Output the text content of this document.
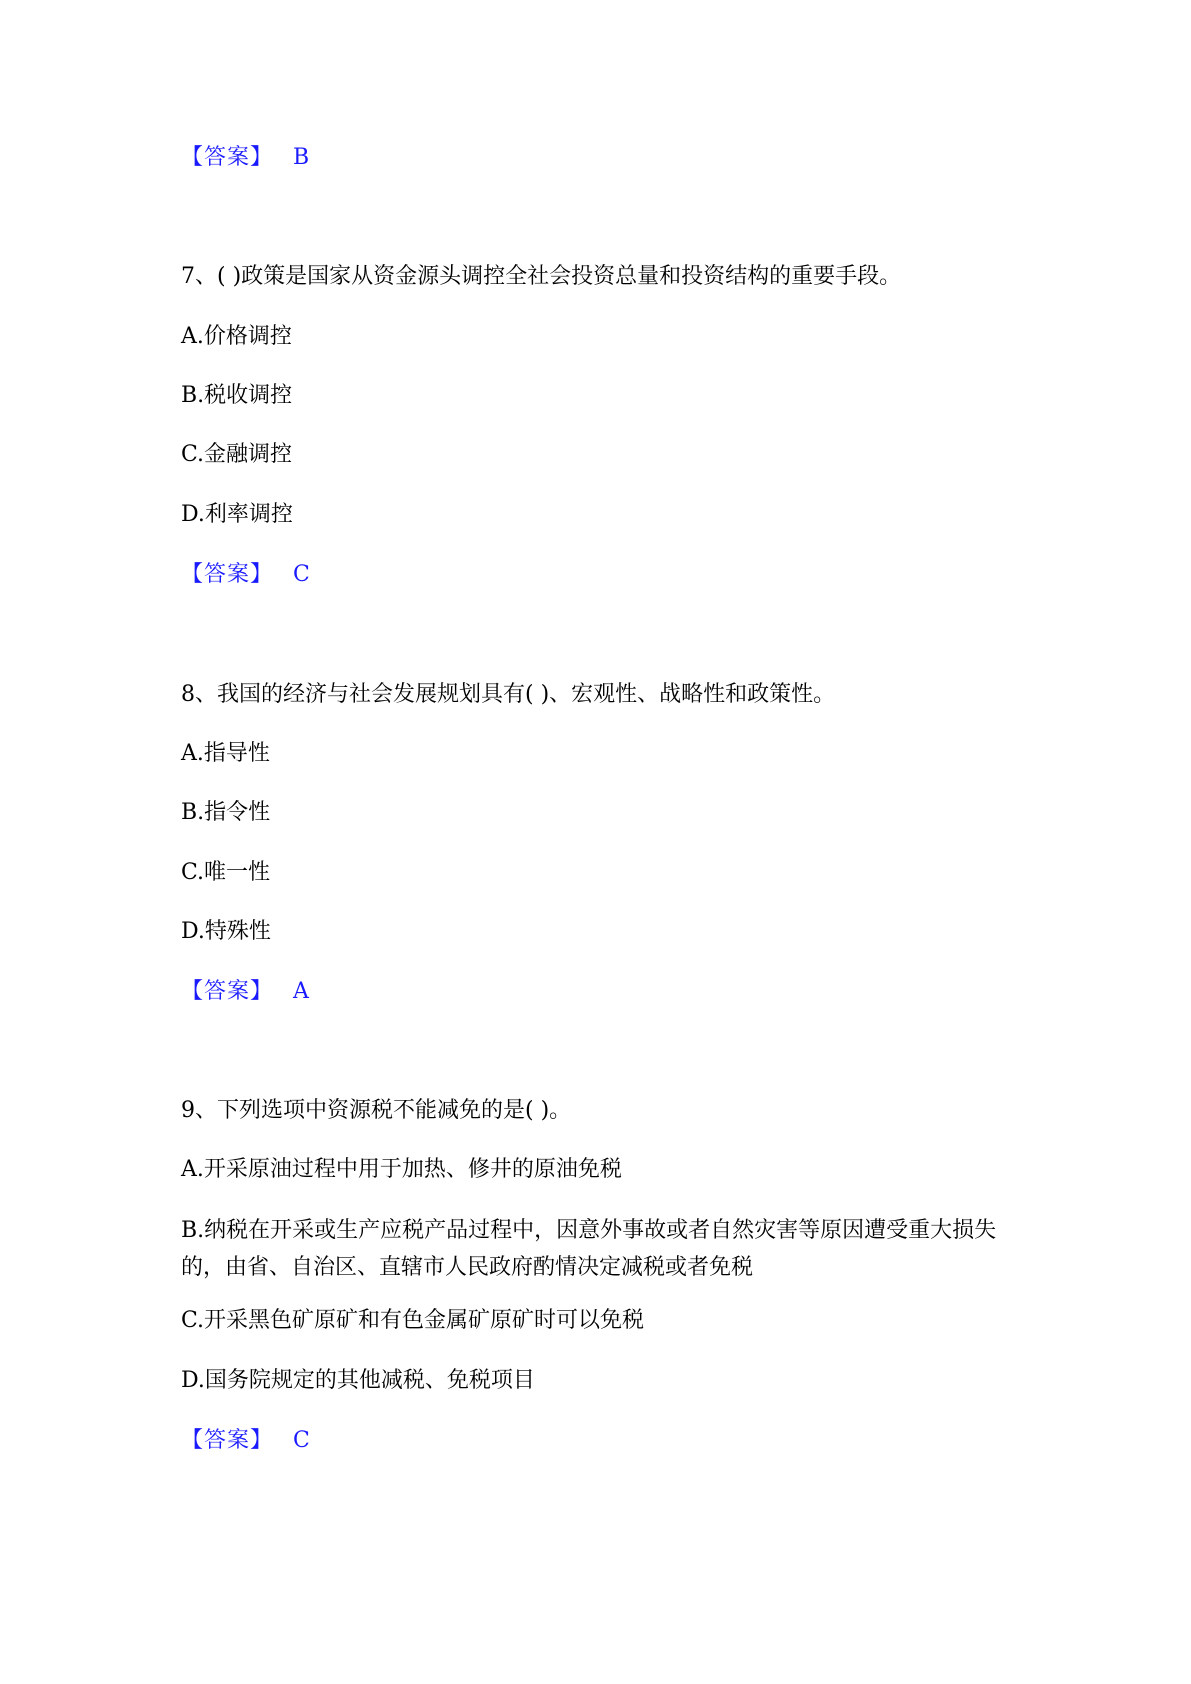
【答案】 B
7、( )政策是国家从资金源头调控全社会投资总量和投资结构的重要手段。
A.价格调控
B.税收调控
C.金融调控
D.利率调控
【答案】 C
8、我国的经济与社会发展规划具有( )、宏观性、战略性和政策性。
A.指导性
B.指令性
C.唯一性
D.特殊性
【答案】 A
9、下列选项中资源税不能减免的是( )。
A.开采原油过程中用于加热、修井的原油免税
B.纳税在开采或生产应税产品过程中，因意外事故或者自然灾害等原因遭受重大损失的，由省、自治区、直辖市人民政府酌情决定减税或者免税
C.开采黑色矿原矿和有色金属矿原矿时可以免税
D.国务院规定的其他减税、免税项目
【答案】 C
